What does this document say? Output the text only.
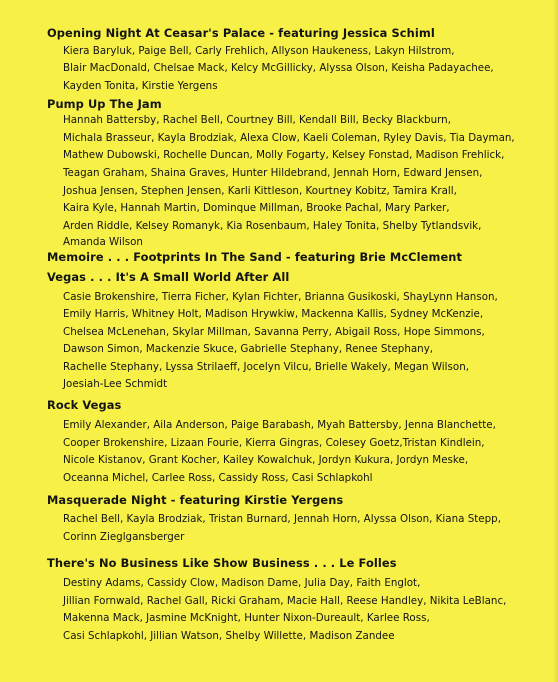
Opening Night At Ceasar's Palace - featuring Jessica Schiml
Kiera Baryluk, Paige Bell, Carly Frehlich, Allyson Haukeness, Lakyn Hilstrom,
Blair MacDonald, Chelsae Mack, Kelcy McGillicky, Alyssa Olson, Keisha Padayachee,
Kayden Tonita, Kirstie Yergens
Pump Up The Jam
Hannah Battersby, Rachel Bell, Courtney Bill, Kendall Bill, Becky Blackburn,
Michala Brasseur, Kayla Brodziak, Alexa Clow, Kaeli Coleman, Ryley Davis, Tia Dayman,
Mathew Dubowski, Rochelle Duncan, Molly Fogarty, Kelsey Fonstad, Madison Frehlick,
Teagan Graham, Shaina Graves, Hunter Hildebrand, Jennah Horn, Edward Jensen,
Joshua Jensen, Stephen Jensen, Karli Kittleson, Kourtney Kobitz, Tamira Krall,
Kaira Kyle, Hannah Martin, Dominque Millman, Brooke Pachal, Mary Parker,
Arden Riddle, Kelsey Romanyk, Kia Rosenbaum, Haley Tonita, Shelby Tytlandsvik,
Amanda Wilson
Memoire . . . Footprints In The Sand - featuring Brie McClement
Vegas . . . It's A Small World After All
Casie Brokenshire, Tierra Ficher, Kylan Fichter, Brianna Gusikoski, ShayLynn Hanson,
Emily Harris, Whitney Holt, Madison Hrywkiw, Mackenna Kallis, Sydney McKenzie,
Chelsea McLenehan, Skylar Millman, Savanna Perry, Abigail Ross, Hope Simmons,
Dawson Simon, Mackenzie Skuce, Gabrielle Stephany, Renee Stephany,
Rachelle Stephany, Lyssa Strilaeff, Jocelyn Vilcu, Brielle Wakely, Megan Wilson,
Joesiah-Lee Schmidt
Rock Vegas
Emily Alexander, Aila Anderson, Paige Barabash, Myah Battersby, Jenna Blanchette,
Cooper Brokenshire, Lizaan Fourie, Kierra Gingras, Colesey Goetz,Tristan Kindlein,
Nicole Kistanov, Grant Kocher, Kailey Kowalchuk, Jordyn Kukura, Jordyn Meske,
Oceanna Michel, Carlee Ross, Cassidy Ross, Casi Schlapkohl
Masquerade Night - featuring Kirstie Yergens
Rachel Bell, Kayla Brodziak, Tristan Burnard, Jennah Horn, Alyssa Olson, Kiana Stepp,
Corinn Zieglgansberger
There's No Business Like Show Business . . . Le Folles
Destiny Adams, Cassidy Clow, Madison Dame, Julia Day, Faith Englot,
Jillian Fornwald, Rachel Gall, Ricki Graham, Macie Hall, Reese Handley, Nikita LeBlanc,
Makenna Mack, Jasmine McKnight, Hunter Nixon-Dureault, Karlee Ross,
Casi Schlapkohl, Jillian Watson, Shelby Willette, Madison Zandee
